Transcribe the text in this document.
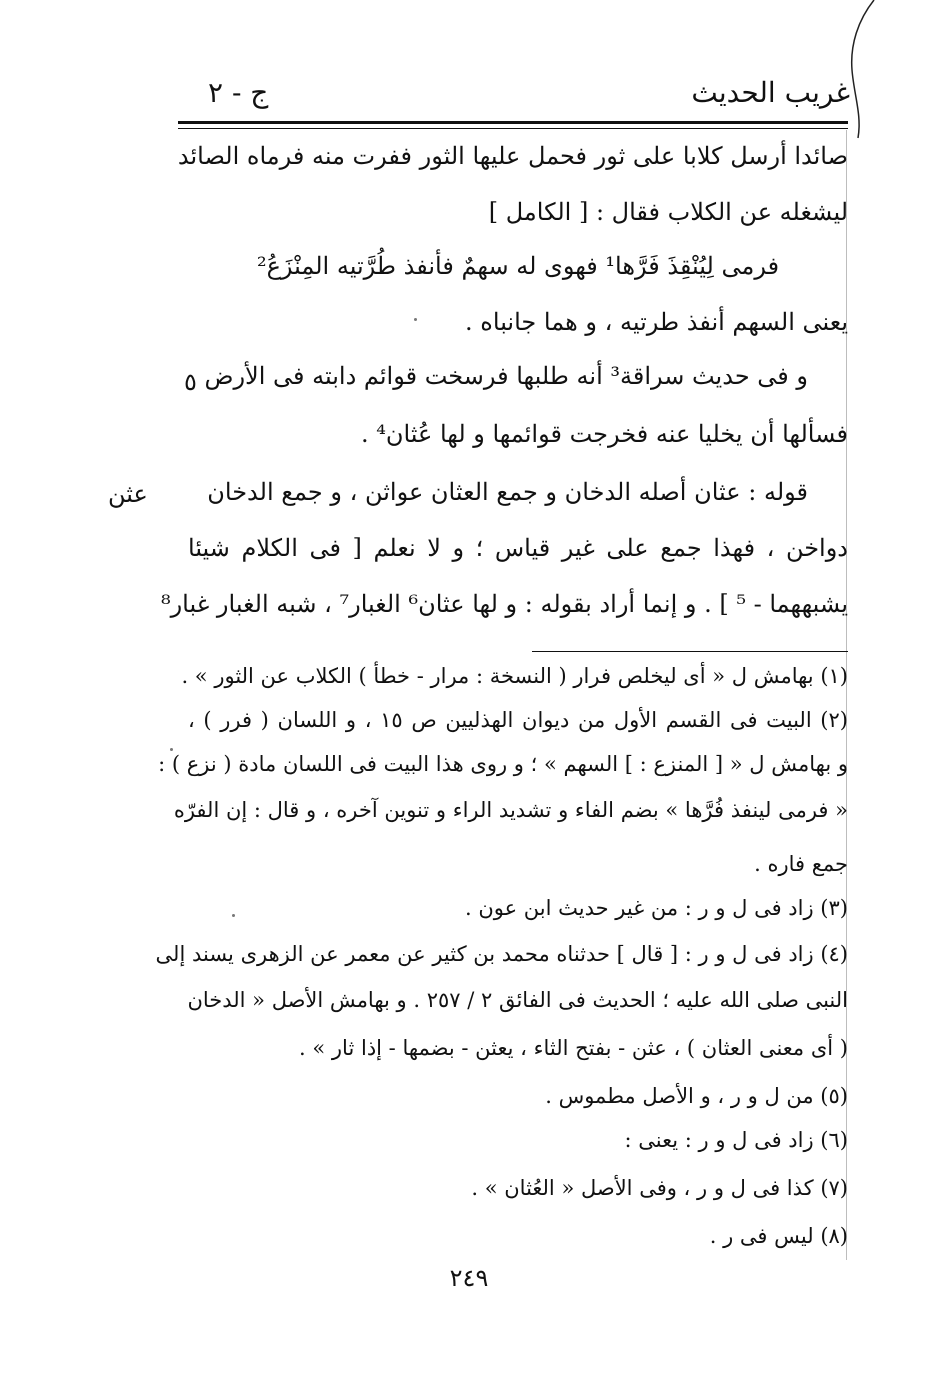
غريب الحديث
ج - ٢
صائدا أرسل كلابا على ثور فحمل عليها الثور ففرت منه فرماه الصائد
ليشغله عن الكلاب فقال : [ الكامل ]
فرمى لِيُنْقِذَ فَرَّها¹ فهوى له سهمٌ فأنفذ طُرَّتيه المِنْزَعُ²
يعنى السهم أنفذ طرتيه ، و هما جانباه .
و فى حديث سراقة³ أنه طلبها فرسخت قوائم دابته فى الأرض
فسألها أن يخليا عنه فخرجت قوائمها و لها عُثان⁴ .
قوله : عثان أصله الدخان و جمع العثان عواثن ، و جمع الدخان
دواخن ، فهذا جمع على غير قياس ؛ و لا نعلم [ فى الكلام شيئا
يشبههما - ⁵ ] . و إنما أراد بقوله : و لها عثان⁶ الغبار⁷ ، شبه الغبار غبار⁸
عثن
٥
(١) بهامش ل « أى ليخلص فرار ( النسخة : مرار - خطأ ) الكلاب عن الثور » .
(٢) البيت فى القسم الأول من ديوان الهذليين ص ١٥ ، و اللسان ( فرر ) ،
و بهامش ل « [ المنزع : ] السهم » ؛ و روى هذا البيت فى اللسان مادة ( نزع ) :
« فرمى لينفذ فُرَّها » بضم الفاء و تشديد الراء و تنوين آخره ، و قال : إن الفرّه
جمع فاره .
(٣) زاد فى ل و ر : من غير حديث ابن عون .
(٤) زاد فى ل و ر : [ قال ] حدثناه محمد بن كثير عن معمر عن الزهرى يسند إلى
النبى صلى الله عليه ؛ الحديث فى الفائق ٢ / ٢٥٧ . و بهامش الأصل « الدخان
( أى معنى العثان ) ، عثن - بفتح الثاء ، يعثن - بضمها - إذا ثار » .
(٥) من ل و ر ، و الأصل مطموس .
(٦) زاد فى ل و ر : يعنى :
(٧) كذا فى ل و ر ، وفى الأصل « العُثان » .
(٨) ليس فى ر .
٢٤٩
